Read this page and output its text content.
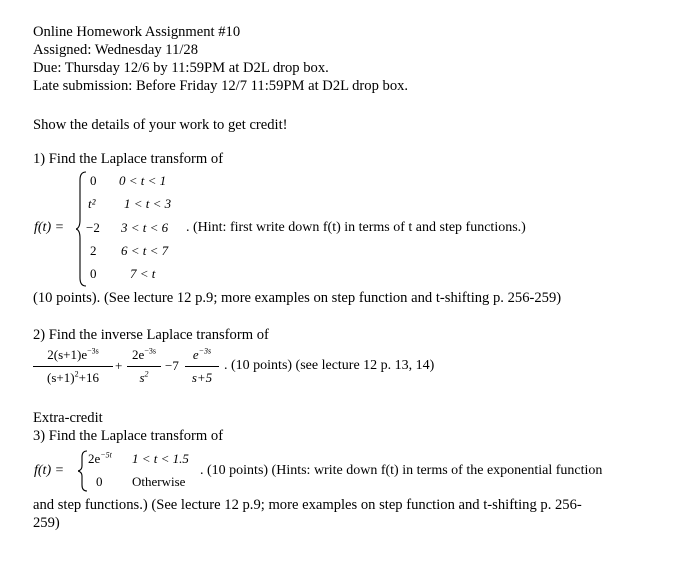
Online Homework Assignment #10
Assigned: Wednesday 11/28
Due: Thursday 12/6 by 11:59PM at D2L drop box.
Late submission: Before Friday 12/7 11:59PM at D2L drop box.
Show the details of your work to get credit!
1) Find the Laplace transform of
f(t) =
0 0 < t < 1
t² 1 < t < 3
−2 3 < t < 6
2 6 < t < 7
0	7 < t
. (Hint: first write down f(t) in terms of t and step functions.)
(10 points). (See lecture 12 p.9; more examples on step function and t-shifting p. 256-259)
2) Find the inverse Laplace transform of
$2(s+1)e^{-3s}$
$(s+1)^2+16$
+
$2e^{-3s}$
$s^2$
−7
$e^{-3s}$
s+5
. (10 points) (see lecture 12 p. 13, 14)
Extra-credit
3) Find the Laplace transform of
f(t) =
$2e^{-5t}$ 1 < t < 1.5
0 Otherwise
. (10 points) (Hints: write down f(t) in terms of the exponential function
and step functions.) (See lecture 12 p.9; more examples on step function and t-shifting p. 256-
259)
